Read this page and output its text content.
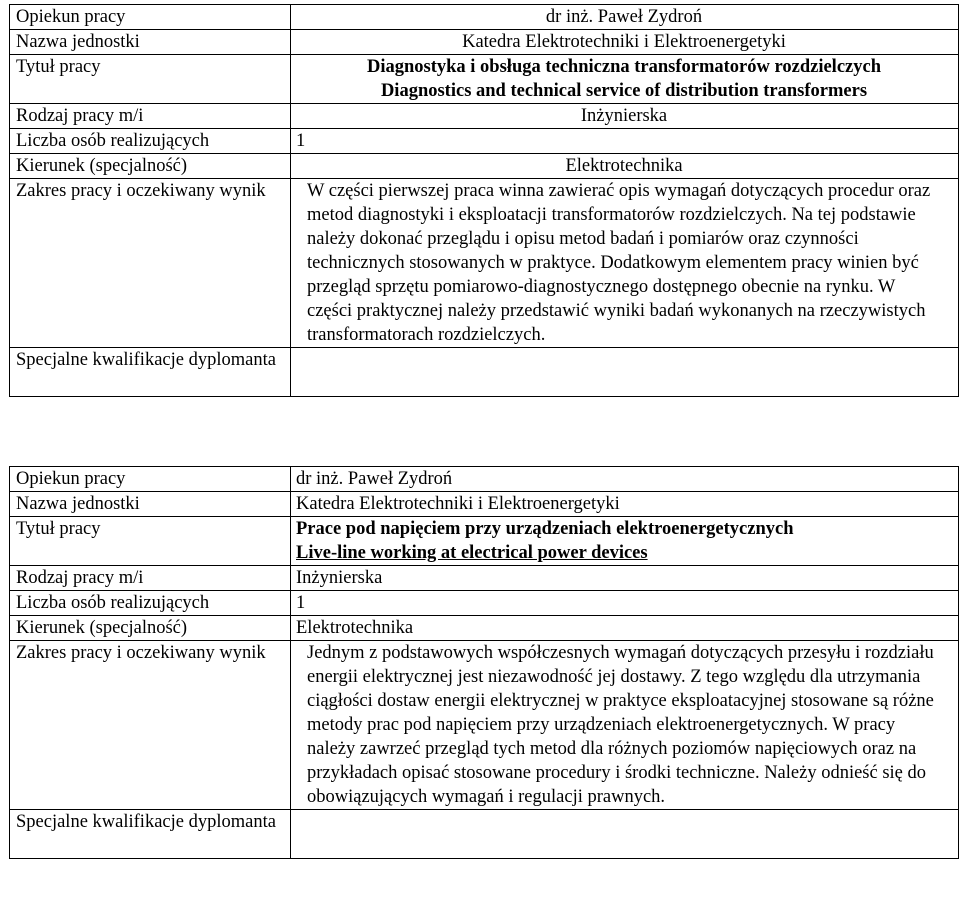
Opiekun pracy	dr inż. Paweł Zydroń
Nazwa jednostki	Katedra Elektrotechniki i Elektroenergetyki
Tytuł pracy	Diagnostyka i obsługa techniczna transformatorów rozdzielczych
Diagnostics and technical service of distribution transformers

Rodzaj pracy m/i	Inżynierska
Liczba osób realizujących	1
Kierunek (specjalność)	Elektrotechnika
Zakres pracy i oczekiwany wynik	W części pierwszej praca winna zawierać opis wymagań dotyczących procedur oraz metod diagnostyki i eksploatacji transformatorów rozdzielczych. Na tej podstawie należy dokonać przeglądu i opisu metod badań i pomiarów oraz czynności technicznych stosowanych w praktyce. Dodatkowym elementem pracy winien być przegląd sprzętu pomiarowo-diagnostycznego dostępnego obecnie na rynku. W części praktycznej należy przedstawić wyniki badań wykonanych na rzeczywistych transformatorach rozdzielczych.
Specjalne kwalifikacje dyplomanta	
Opiekun pracy	dr inż. Paweł Zydroń
Nazwa jednostki	Katedra Elektrotechniki i Elektroenergetyki
Tytuł pracy	Prace pod napięciem przy urządzeniach elektroenergetycznych
Live-line working at electrical power devices

Rodzaj pracy m/i	Inżynierska
Liczba osób realizujących	1
Kierunek (specjalność)	Elektrotechnika
Zakres pracy i oczekiwany wynik	Jednym z podstawowych współczesnych wymagań dotyczących przesyłu i rozdziału energii elektrycznej jest niezawodność jej dostawy. Z tego względu dla utrzymania ciągłości dostaw energii elektrycznej w praktyce eksploatacyjnej stosowane są różne metody prac pod napięciem przy urządzeniach elektroenergetycznych. W pracy należy zawrzeć przegląd tych metod dla różnych poziomów napięciowych oraz na przykładach opisać stosowane procedury i środki techniczne. Należy odnieść się do obowiązujących wymagań i regulacji prawnych.
Specjalne kwalifikacje dyplomanta	
